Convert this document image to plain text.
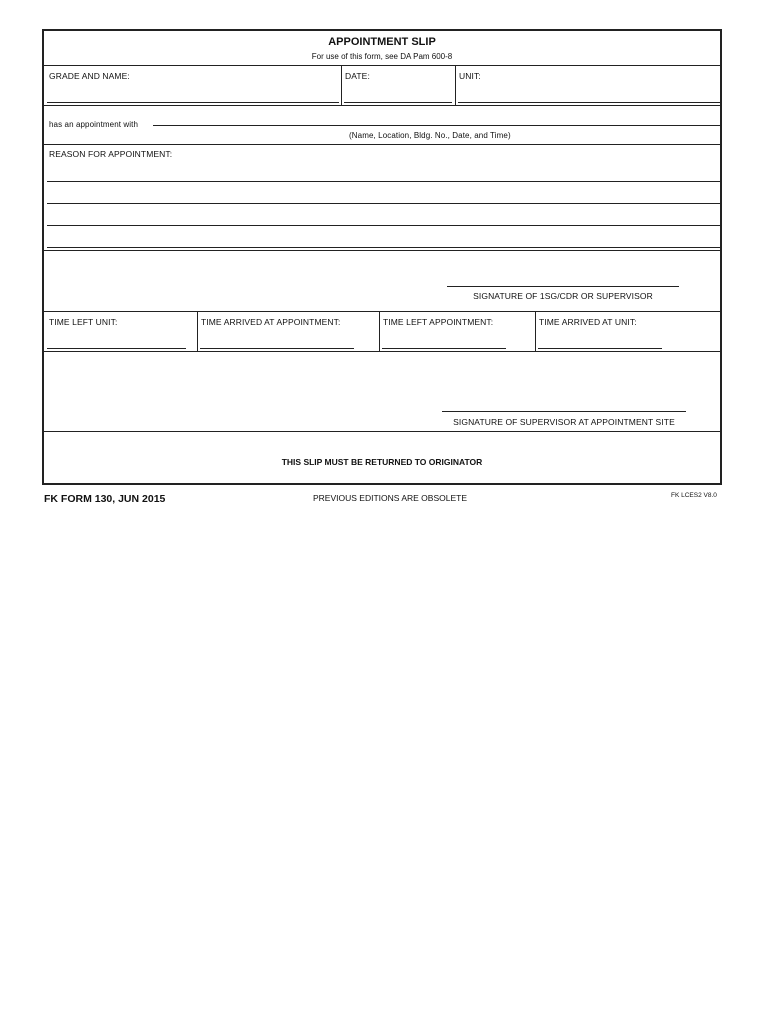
APPOINTMENT SLIP
For use of this form, see DA Pam 600-8
GRADE AND NAME:	DATE:	UNIT:
has an appointment with
(Name, Location, Bldg. No., Date, and Time)
REASON FOR APPOINTMENT:
SIGNATURE OF 1SG/CDR OR SUPERVISOR
TIME LEFT UNIT:	TIME ARRIVED AT APPOINTMENT:	TIME LEFT APPOINTMENT:	TIME ARRIVED AT UNIT:
SIGNATURE OF SUPERVISOR AT APPOINTMENT SITE
THIS SLIP MUST BE RETURNED TO ORIGINATOR
FK FORM 130, JUN 2015	PREVIOUS EDITIONS ARE OBSOLETE	FK LCES2 V8.0
